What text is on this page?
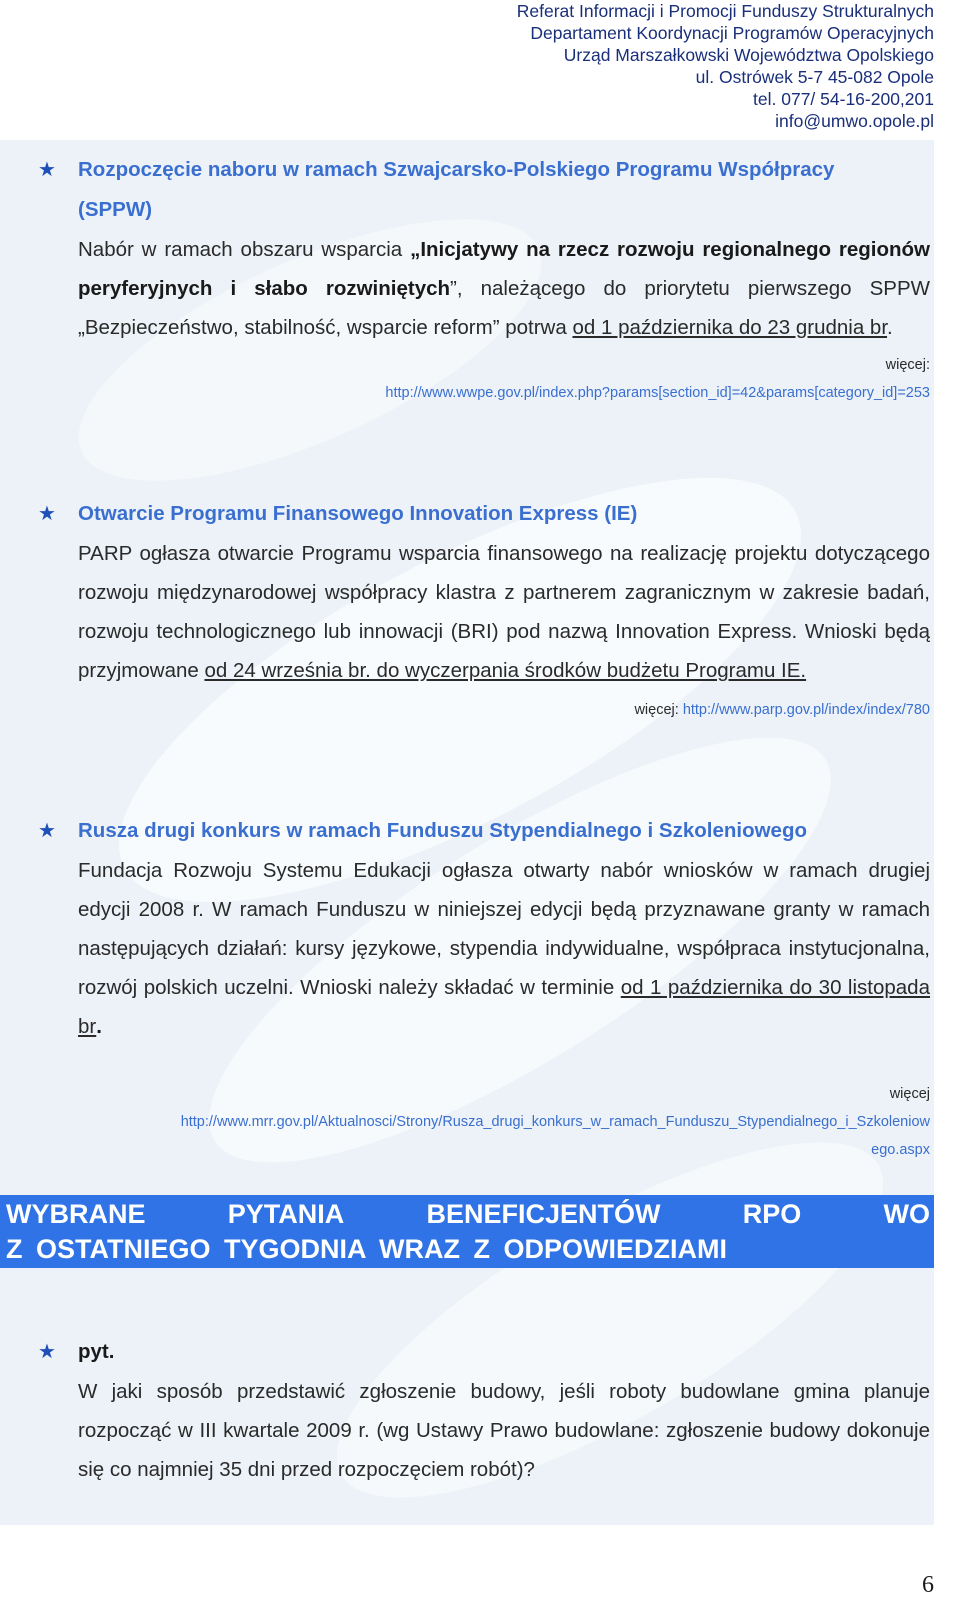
Referat Informacji i Promocji Funduszy Strukturalnych
Departament Koordynacji Programów Operacyjnych
Urząd Marszałkowski Województwa Opolskiego
ul. Ostrówek 5-7 45-082 Opole
tel. 077/ 54-16-200,201
info@umwo.opole.pl
★ Rozpoczęcie naboru w ramach Szwajcarsko-Polskiego Programu Współpracy
(SPPW)
Nabór w ramach obszaru wsparcia „Inicjatywy na rzecz rozwoju regionalnego regionów peryferyjnych i słabo rozwiniętych”, należącego do priorytetu pierwszego SPPW „Bezpieczeństwo, stabilność, wsparcie reform” potrwa od 1 października do 23 grudnia br.
więcej:
http://www.wwpe.gov.pl/index.php?params[section_id]=42&params[category_id]=253
★ Otwarcie Programu Finansowego Innovation Express (IE)
PARP ogłasza otwarcie Programu wsparcia finansowego na realizację projektu dotyczącego rozwoju międzynarodowej współpracy klastra z partnerem zagranicznym w zakresie badań, rozwoju technologicznego lub innowacji (BRI) pod nazwą Innovation Express. Wnioski będą przyjmowane od 24 września br. do wyczerpania środków budżetu Programu IE.
więcej: http://www.parp.gov.pl/index/index/780
★ Rusza drugi konkurs w ramach Funduszu Stypendialnego i Szkoleniowego
Fundacja Rozwoju Systemu Edukacji ogłasza otwarty nabór wniosków w ramach drugiej edycji 2008 r. W ramach Funduszu w niniejszej edycji będą przyznawane granty w ramach następujących działań: kursy językowe, stypendia indywidualne, współpraca instytucjonalna, rozwój polskich uczelni. Wnioski należy składać w terminie od 1 października do 30 listopada br.
więcej
http://www.mrr.gov.pl/Aktualnosci/Strony/Rusza_drugi_konkurs_w_ramach_Funduszu_Stypendialnego_i_Szkoleniow
ego.aspx
WYBRANE	PYTANIA	BENEFICJENTÓW	RPO	WO
Z OSTATNIEGO TYGODNIA WRAZ Z ODPOWIEDZIAMI
★ pyt.
W jaki sposób przedstawić zgłoszenie budowy, jeśli roboty budowlane gmina planuje rozpocząć w III kwartale 2009 r. (wg Ustawy Prawo budowlane: zgłoszenie budowy dokonuje się co najmniej 35 dni przed rozpoczęciem robót)?
6
